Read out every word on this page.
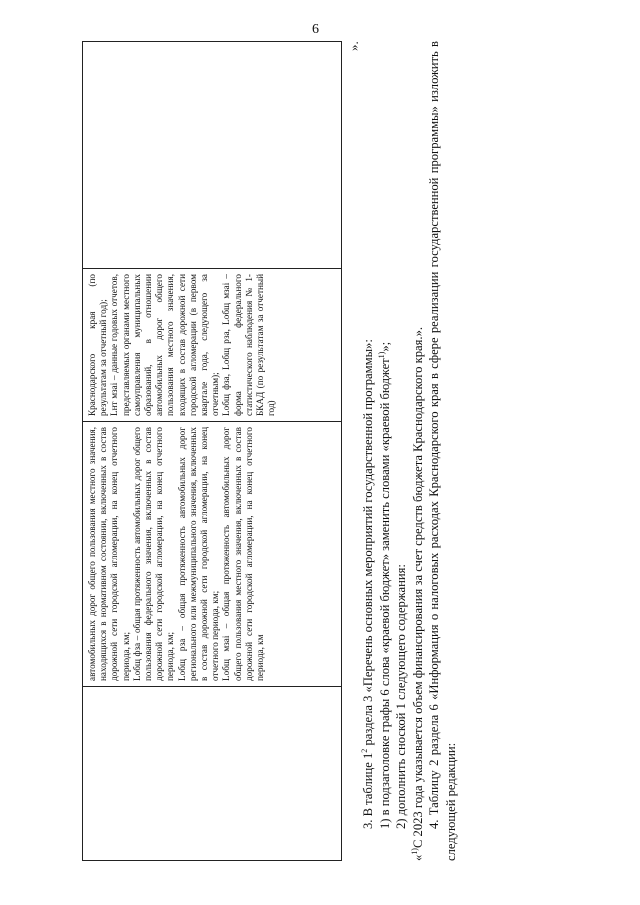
6
автомобильных дорог общего пользования местного значения, находящихся в нормативном состоянии, включенных в состав дорожной сети городской агломерации, на конец отчетного периода, км;
Lобщ фза – общая протяженность автомобильных дорог общего пользования федерального значения, включенных в состав дорожной сети городской агломерации, на конец отчетного периода, км;
Lобщ рза – общая протяженность автомобильных дорог регионального или межмуниципального значения, включенных в состав дорожной сети городской агломерации, на конец отчетного периода, км;
Lобщ мзаi – общая протяженность автомобильных дорог общего пользования местного значения, включенных в состав дорожной сети городской агломерации, на конец отчетного периода, км
Краснодарского края (по результатам за отчетный год);
Lнт мзаi – данные годовых отчетов, представляемых органами местного самоуправления муниципальных образований, в отношении автомобильных дорог общего пользования местного значения, входящих в состав дорожной сети городской агломерации (в первом квартале года, следующего за отчетным);
Lобщ фза, Lобщ рза, Lобщ мзаi – форма федерального статистического наблюдения № 1-БКАД (по результатам за отчетный год)
».

3. В таблице $1^2$ раздела 3 «Перечень основных мероприятий государственной программы»: 1) в подзаголовке графы 6 слова «краевой бюджет» заменить словами «краевой бюджет$^{1)}$»;

2) дополнить сноской 1 следующего содержания:

«$^{1)}$С 2023 года указывается объем финансирования за счет средств бюджета Краснодарского края.». 4. Таблицу 2 раздела 6 «Информация о налоговых расходах Краснодарского края в сфере реализации государственной программы» изложить в следующей редакции:
